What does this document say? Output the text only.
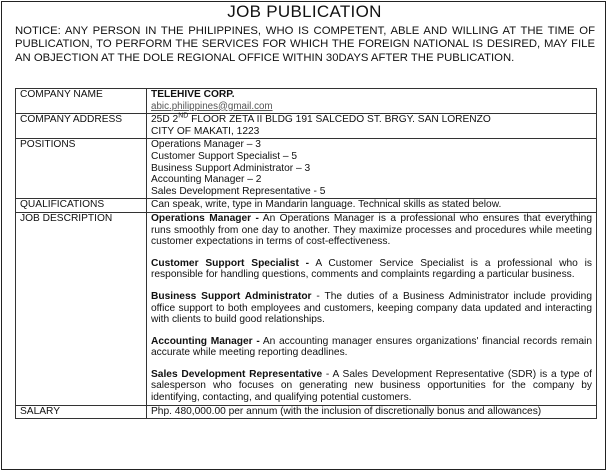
JOB PUBLICATION
NOTICE: ANY PERSON IN THE PHILIPPINES, WHO IS COMPETENT, ABLE AND WILLING AT THE TIME OF PUBLICATION, TO PERFORM THE SERVICES FOR WHICH THE FOREIGN NATIONAL IS DESIRED, MAY FILE AN OBJECTION AT THE DOLE REGIONAL OFFICE WITHIN 30DAYS AFTER THE PUBLICATION.
COMPANY NAME	TELEHIVE CORP.
abic.philippines@gmail.com

COMPANY ADDRESS	25D 2ND FLOOR ZETA II BLDG 191 SALCEDO ST. BRGY. SAN LORENZO
CITY OF MAKATI, 1223

POSITIONS	Operations Manager – 3
Customer Support Specialist – 5
Business Support Administrator – 3
Accounting Manager – 2
Sales Development Representative - 5

QUALIFICATIONS	Can speak, write, type in Mandarin language. Technical skills as stated below.
JOB DESCRIPTION	Operations Manager - An Operations Manager is a professional who ensures that everything runs smoothly from one day to another. They maximize processes and procedures while meeting customer expectations in terms of cost-effectiveness.

Customer Support Specialist - A Customer Service Specialist is a professional who is responsible for handling questions, comments and complaints regarding a particular business.

Business Support Administrator - The duties of a Business Administrator include providing office support to both employees and customers, keeping company data updated and interacting with clients to build good relationships.

Accounting Manager - An accounting manager ensures organizations' financial records remain accurate while meeting reporting deadlines.

Sales Development Representative - A Sales Development Representative (SDR) is a type of salesperson who focuses on generating new business opportunities for the company by identifying, contacting, and qualifying potential customers.

SALARY	Php. 480,000.00 per annum (with the inclusion of discretionally bonus and allowances)
